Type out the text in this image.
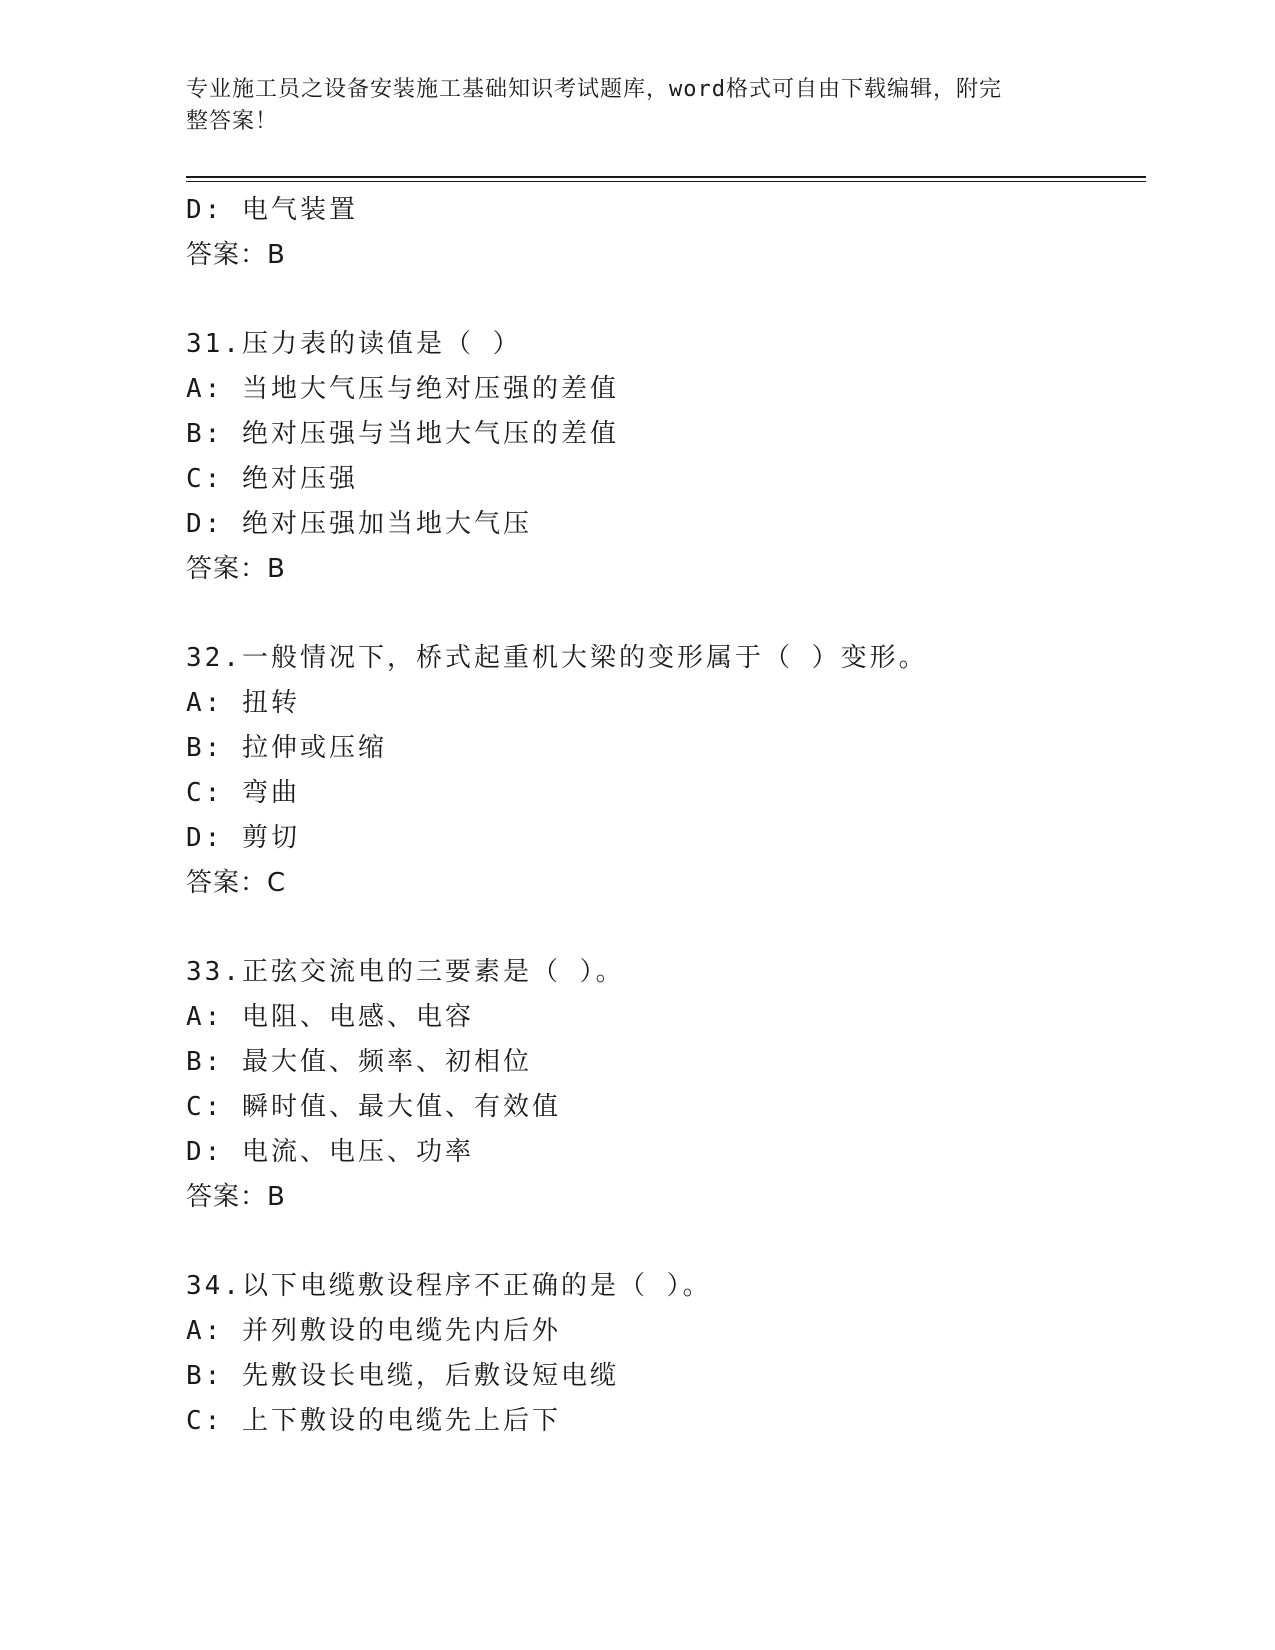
专业施工员之设备安装施工基础知识考试题库，word格式可自由下载编辑，附完
整答案！
D: 电气装置
答案：B
31.压力表的读值是（ ）
A: 当地大气压与绝对压强的差值
B: 绝对压强与当地大气压的差值
C: 绝对压强
D: 绝对压强加当地大气压
答案：B
32.一般情况下，桥式起重机大梁的变形属于（ ）变形。
A: 扭转
B: 拉伸或压缩
C: 弯曲
D: 剪切
答案：C
33.正弦交流电的三要素是（ ）。
A: 电阻、电感、电容
B: 最大值、频率、初相位
C: 瞬时值、最大值、有效值
D: 电流、电压、功率
答案：B
34.以下电缆敷设程序不正确的是（ ）。
A: 并列敷设的电缆先内后外
B: 先敷设长电缆，后敷设短电缆
C: 上下敷设的电缆先上后下
